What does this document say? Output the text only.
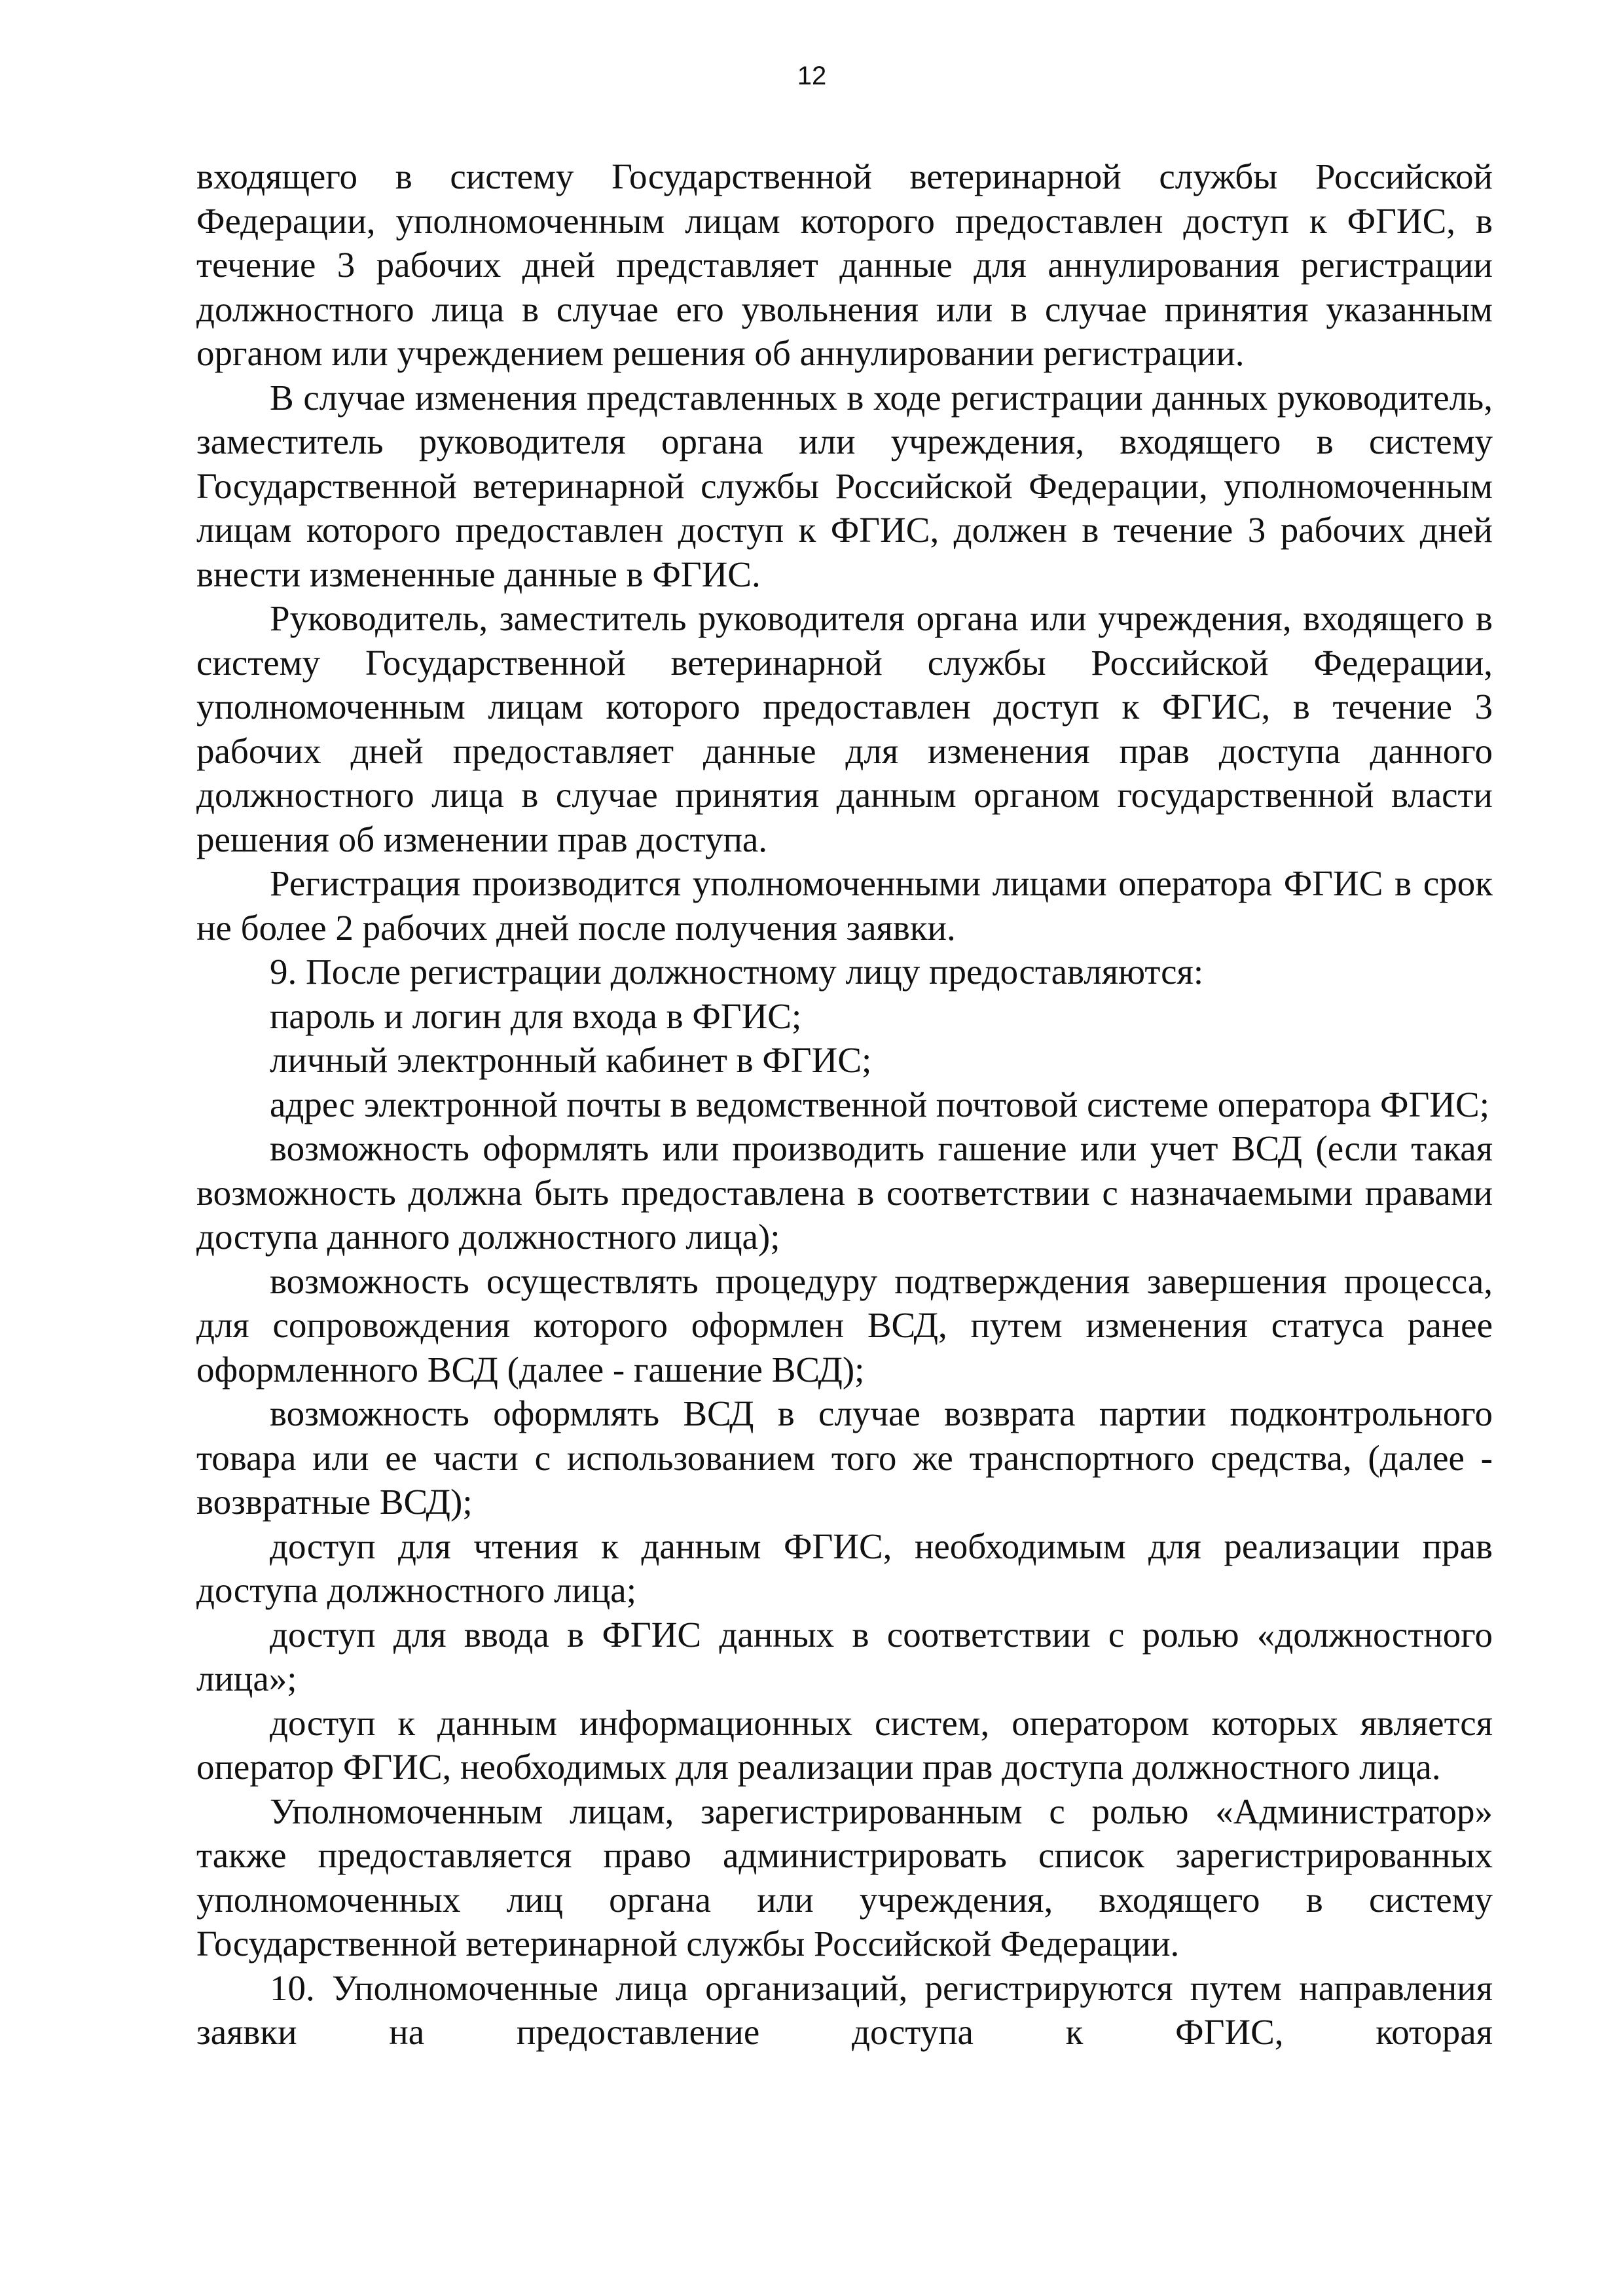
12

входящего в систему Государственной ветеринарной службы Российской Федерации, уполномоченным лицам которого предоставлен доступ к ФГИС, в течение 3 рабочих дней представляет данные для аннулирования регистрации должностного лица в случае его увольнения или в случае принятия указанным органом или учреждением решения об аннулировании регистрации.

В случае изменения представленных в ходе регистрации данных руководитель, заместитель руководителя органа или учреждения, входящего в систему Государственной ветеринарной службы Российской Федерации, уполномоченным лицам которого предоставлен доступ к ФГИС, должен в течение 3 рабочих дней внести измененные данные в ФГИС.

Руководитель, заместитель руководителя органа или учреждения, входящего в систему Государственной ветеринарной службы Российской Федерации, уполномоченным лицам которого предоставлен доступ к ФГИС, в течение 3 рабочих дней предоставляет данные для изменения прав доступа данного должностного лица в случае принятия данным органом государственной власти решения об изменении прав доступа.

Регистрация производится уполномоченными лицами оператора ФГИС в срок не более 2 рабочих дней после получения заявки.

9. После регистрации должностному лицу предоставляются:

пароль и логин для входа в ФГИС;

личный электронный кабинет в ФГИС;

адрес электронной почты в ведомственной почтовой системе оператора ФГИС;

возможность оформлять или производить гашение или учет ВСД (если такая возможность должна быть предоставлена в соответствии с назначаемыми правами доступа данного должностного лица);

возможность осуществлять процедуру подтверждения завершения процесса, для сопровождения которого оформлен ВСД, путем изменения статуса ранее оформленного ВСД (далее - гашение ВСД);

возможность оформлять ВСД в случае возврата партии подконтрольного товара или ее части с использованием того же транспортного средства, (далее - возвратные ВСД);

доступ для чтения к данным ФГИС, необходимым для реализации прав доступа должностного лица;

доступ для ввода в ФГИС данных в соответствии с ролью «должностного лица»;

доступ к данным информационных систем, оператором которых является оператор ФГИС, необходимых для реализации прав доступа должностного лица.

Уполномоченным лицам, зарегистрированным с ролью «Администратор» также предоставляется право администрировать список зарегистрированных уполномоченных лиц органа или учреждения, входящего в систему Государственной ветеринарной службы Российской Федерации.

10. Уполномоченные лица организаций, регистрируются путем направления заявки на предоставление доступа к ФГИС, которая
